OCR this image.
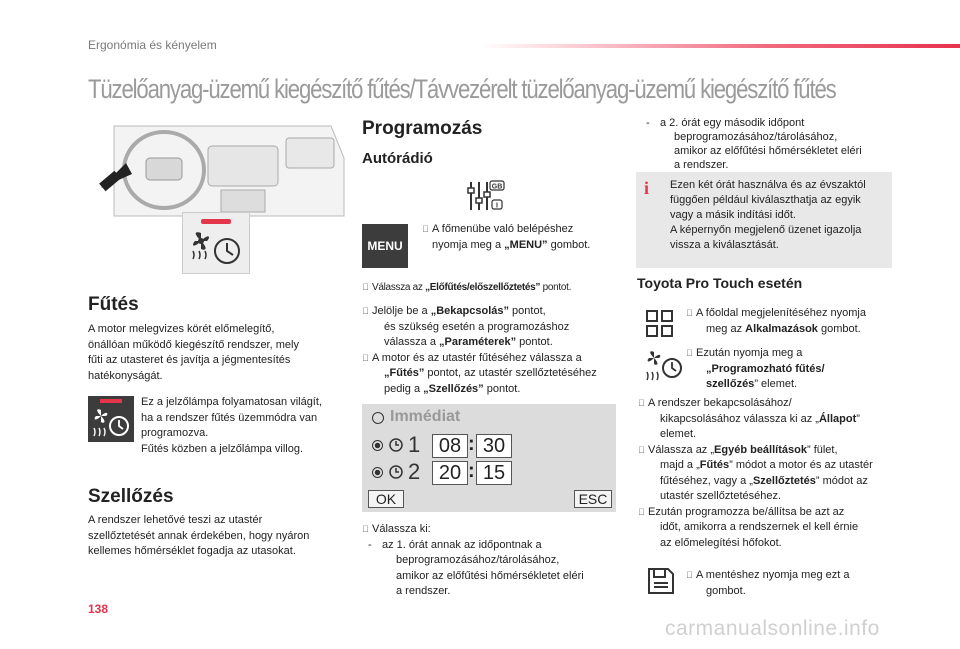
Ergonómia és kényelem
Tüzelőanyag-üzemű kiegészítő fűtés/Távvezérelt tüzelőanyag-üzemű kiegészítő fűtés
Fűtés
A motor melegvizes körét előmelegítő,
önállóan működő kiegészítő rendszer, mely
fűti az utasteret és javítja a jégmentesítés
hatékonyságát.
Ez a jelzőlámpa folyamatosan világít,
ha a rendszer fűtés üzemmódra van
programozva.
Fűtés közben a jelzőlámpa villog.
Szellőzés
A rendszer lehetővé teszi az utastér
szellőztetését annak érdekében, hogy nyáron
kellemes hőmérséklet fogadja az utasokat.
Programozás
Autórádió
GB
I
MENU
A főmenübe való belépéshez
nyomja meg a „MENU” gombot.
Válassza az „Előfűtés/előszellőztetés” pontot.
Jelölje be a „Bekapcsolás” pontot,
és szükség esetén a programozáshoz
válassza a „Paraméterek” pontot.
A motor és az utastér fűtéséhez válassza a
„Fűtés” pontot, az utastér szellőztetéséhez
pedig a „Szellőzés” pontot.
Immédiat
1 08 : 30
2 20 : 15
OK	ESC
Válassza ki:
- az 1. órát annak az időpontnak a
beprogramozásához/tárolásához,
amikor az előfűtési hőmérsékletet eléri
a rendszer.
- a 2. órát egy második időpont
beprogramozásához/tárolásához,
amikor az előfűtési hőmérsékletet eléri
a rendszer.
i	Ezen két órát használva és az évszaktól
függően például kiválaszthatja az egyik
vagy a másik indítási időt.
A képernyőn megjelenő üzenet igazolja
vissza a kiválasztását.
Toyota Pro Touch esetén
A főoldal megjelenítéséhez nyomja
meg az Alkalmazások gombot.
Ezután nyomja meg a
„Programozható fűtés/
szellőzés” elemet.
A rendszer bekapcsolásához/
kikapcsolásához válassza ki az „Állapot”
elemet.
Válassza az „Egyéb beállítások” fület,
majd a „Fűtés” módot a motor és az utastér
fűtéséhez, vagy a „Szellőztetés” módot az
utastér szellőztetéséhez.
Ezután programozza be/állítsa be azt az
időt, amikorra a rendszernek el kell érnie
az előmelegítési hőfokot.
A mentéshez nyomja meg ezt a
gombot.
138
carmanualsonline.info
